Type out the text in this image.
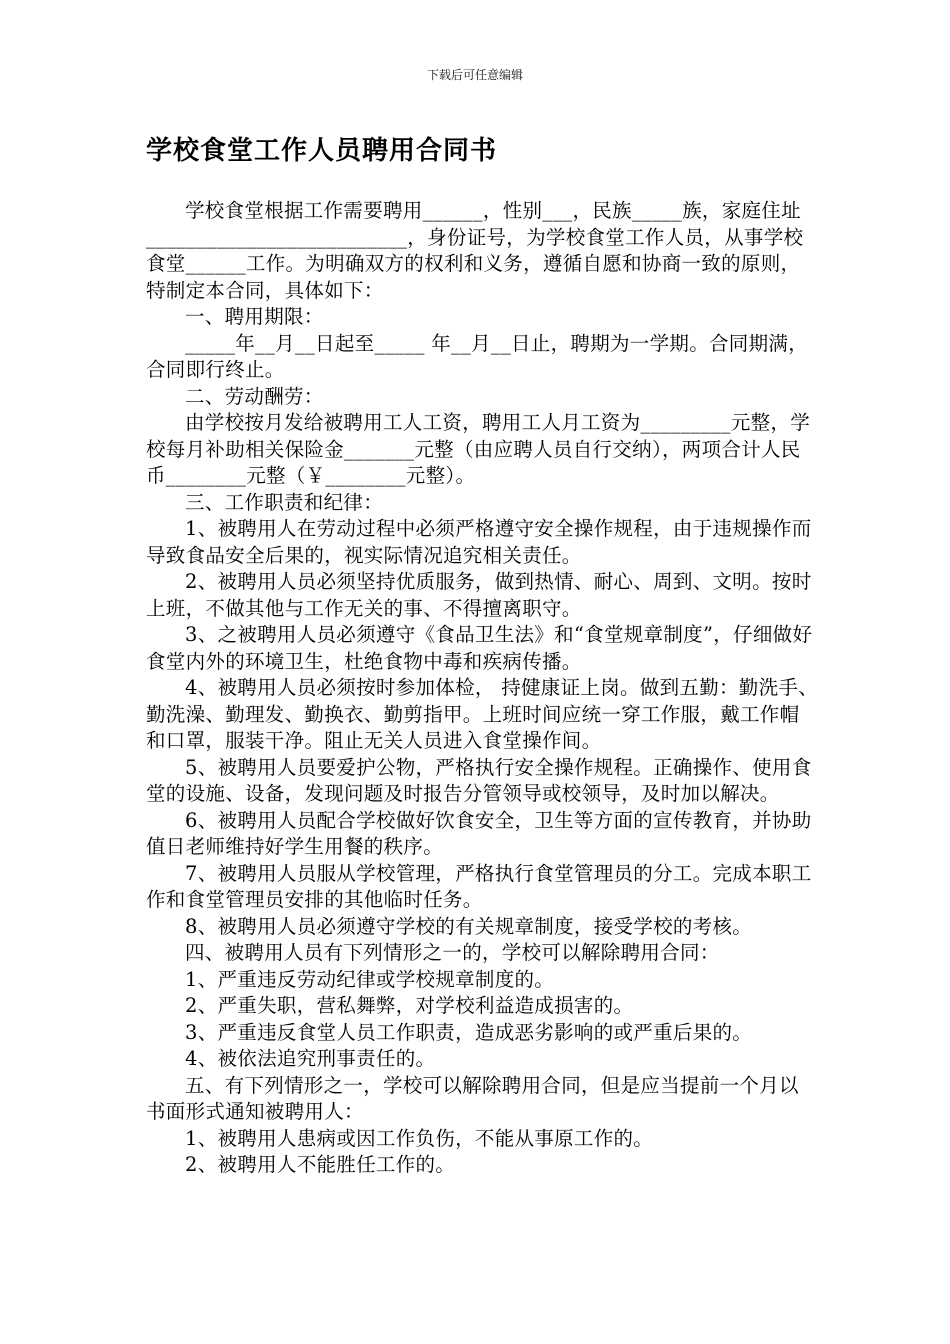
下载后可任意编辑
学校食堂工作人员聘用合同书

学校食堂根据工作需要聘用______，性别___，民族_____族，家庭住址

__________________________，身份证号，为学校食堂工作人员，从事学校食堂______工作。为明确双方的权利和义务，遵循自愿和协商一致的原则，特制定本合同，具体如下：

一、聘用期限：

_____年__月__日起至_____ 年__月__日止，聘期为一学期。合同期满，合同即行终止。

二、劳动酬劳：

由学校按月发给被聘用工人工资，聘用工人月工资为_________元整，学校每月补助相关保险金_______元整（由应聘人员自行交纳），两项合计人民币________元整（￥________元整）。

三、工作职责和纪律：

1、被聘用人在劳动过程中必须严格遵守安全操作规程，由于违规操作而导致食品安全后果的，视实际情况追究相关责任。

2、被聘用人员必须坚持优质服务，做到热情、耐心、周到、文明。按时上班，不做其他与工作无关的事、不得擅离职守。

3、之被聘用人员必须遵守《食品卫生法》和“食堂规章制度”，仔细做好食堂内外的环境卫生，杜绝食物中毒和疾病传播。

4、被聘用人员必须按时参加体检， 持健康证上岗。做到五勤：勤洗手、勤洗澡、勤理发、勤换衣、勤剪指甲。上班时间应统一穿工作服，戴工作帽和口罩，服装干净。阻止无关人员进入食堂操作间。

5、被聘用人员要爱护公物，严格执行安全操作规程。正确操作、使用食堂的设施、设备，发现问题及时报告分管领导或校领导，及时加以解决。

6、被聘用人员配合学校做好饮食安全，卫生等方面的宣传教育，并协助值日老师维持好学生用餐的秩序。

7、被聘用人员服从学校管理，严格执行食堂管理员的分工。完成本职工作和食堂管理员安排的其他临时任务。

8、被聘用人员必须遵守学校的有关规章制度，接受学校的考核。

四、被聘用人员有下列情形之一的，学校可以解除聘用合同：

1、严重违反劳动纪律或学校规章制度的。

2、严重失职，营私舞弊，对学校利益造成损害的。

3、严重违反食堂人员工作职责，造成恶劣影响的或严重后果的。

4、被依法追究刑事责任的。

五、有下列情形之一，学校可以解除聘用合同，但是应当提前一个月以书面形式通知被聘用人：

1、被聘用人患病或因工作负伤，不能从事原工作的。

2、被聘用人不能胜任工作的。
